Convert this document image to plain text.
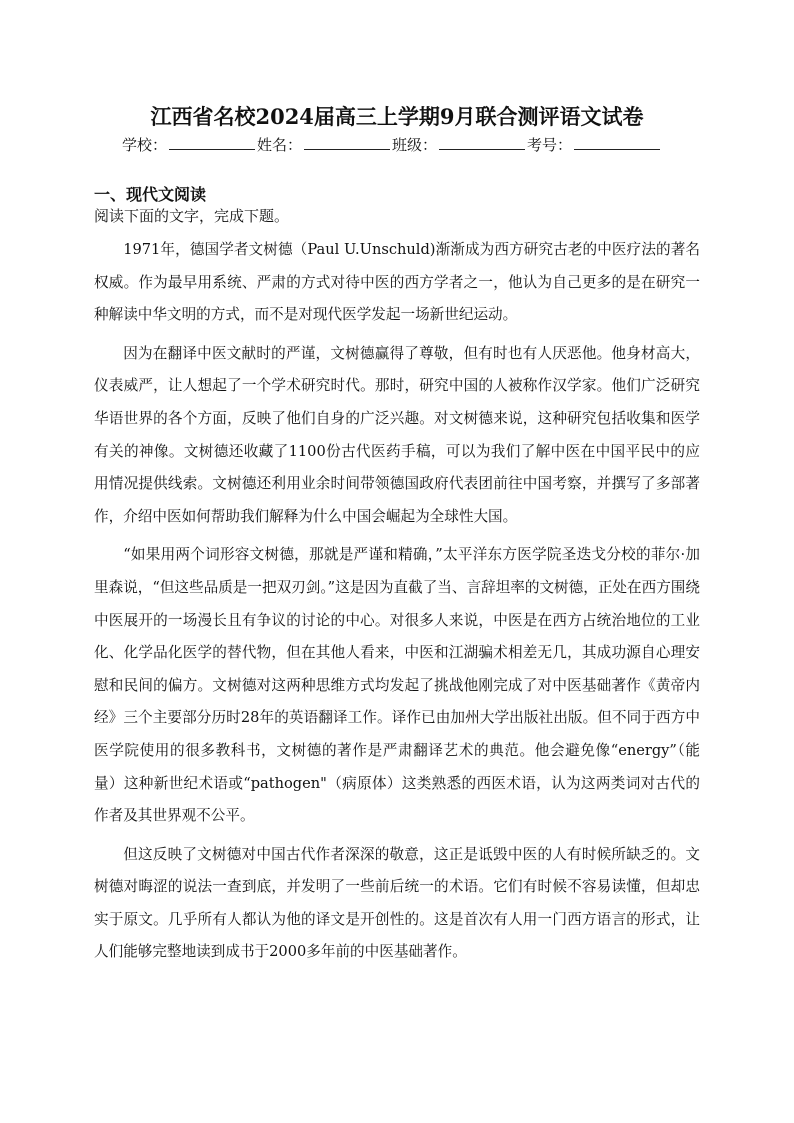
江西省名校2024届高三上学期9月联合测评语文试卷
学校：	姓名：	班级：	考号：
一、现代文阅读
阅读下面的文字，完成下题。

1971年，德国学者文树德（Paul U.Unschuld)渐渐成为西方研究古老的中医疗法的著名权威。作为最早用系统、严肃的方式对待中医的西方学者之一，他认为自己更多的是在研究一种解读中华文明的方式，而不是对现代医学发起一场新世纪运动。

因为在翻译中医文献时的严谨，文树德赢得了尊敬，但有时也有人厌恶他。他身材高大，仪表威严，让人想起了一个学术研究时代。那时，研究中国的人被称作汉学家。他们广泛研究华语世界的各个方面，反映了他们自身的广泛兴趣。对文树德来说，这种研究包括收集和医学有关的神像。文树德还收藏了1100份古代医药手稿，可以为我们了解中医在中国平民中的应用情况提供线索。文树德还利用业余时间带领德国政府代表团前往中国考察，并撰写了多部著作，介绍中医如何帮助我们解释为什么中国会崛起为全球性大国。

“如果用两个词形容文树德，那就是严谨和精确，”太平洋东方医学院圣迭戈分校的菲尔·加里森说，“但这些品质是一把双刃剑。”这是因为直截了当、言辞坦率的文树德，正处在西方围绕中医展开的一场漫长且有争议的讨论的中心。对很多人来说，中医是在西方占统治地位的工业化、化学品化医学的替代物，但在其他人看来，中医和江湖骗术相差无几，其成功源自心理安慰和民间的偏方。文树德对这两种思维方式均发起了挑战他刚完成了对中医基础著作《黄帝内经》三个主要部分历时28年的英语翻译工作。译作已由加州大学出版社出版。但不同于西方中医学院使用的很多教科书，文树德的著作是严肃翻译艺术的典范。他会避免像“energy”（能量）这种新世纪术语或“pathogen"（病原体）这类熟悉的西医术语，认为这两类词对古代的作者及其世界观不公平。

但这反映了文树德对中国古代作者深深的敬意，这正是诋毁中医的人有时候所缺乏的。文树德对晦涩的说法一查到底，并发明了一些前后统一的术语。它们有时候不容易读懂，但却忠实于原文。几乎所有人都认为他的译文是开创性的。这是首次有人用一门西方语言的形式，让人们能够完整地读到成书于2000多年前的中医基础著作。
